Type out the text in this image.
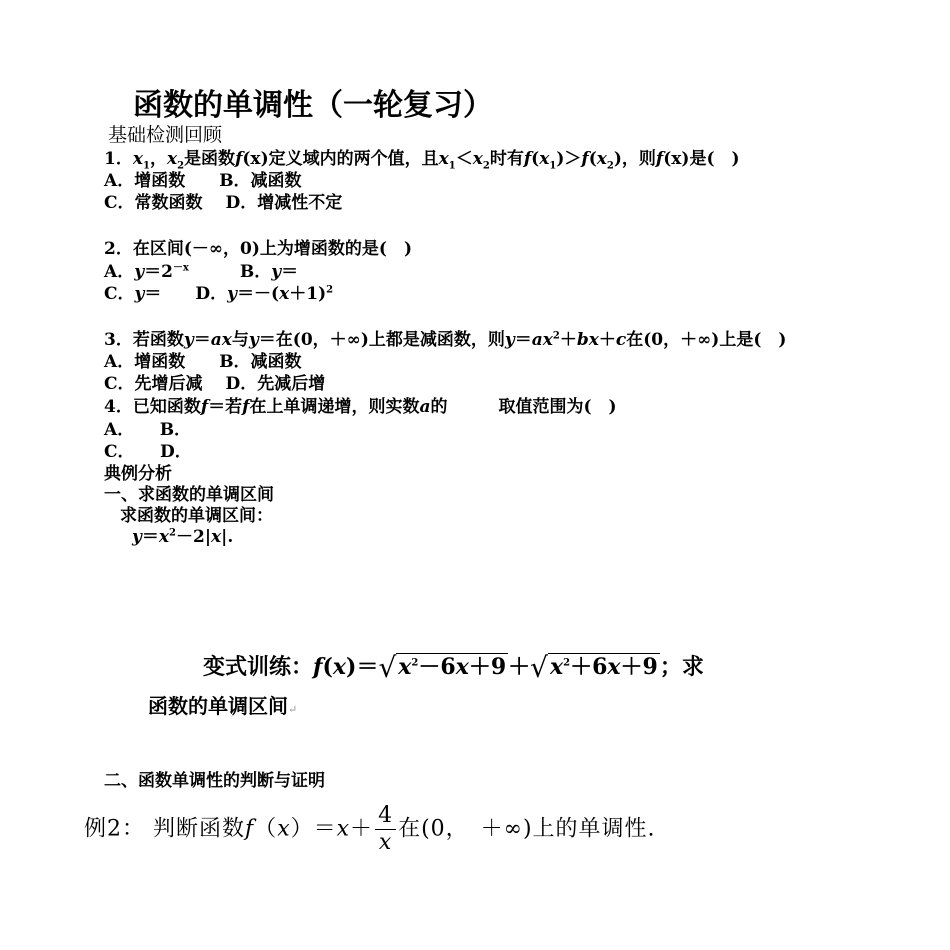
函数的单调性（一轮复习）
基础检测回顾
1．$x_1$，$x_2$是函数f(x)定义域内的两个值，且$x_1<x_2$时有$f(x_1)>f(x_2)$，则f(x)是(　)
A．增函数　　B．减函数
C．常数函数　 D．增减性不定
2．在区间(－∞，0)上为增函数的是(　)
A．$y=2^{-x}$　　　B．y＝
C．y＝　　D．$y=-(x+1)^2$
3．若函数y＝ax与y＝在(0，＋∞)上都是减函数，则$y=ax^2+bx+c$在(0，＋∞)上是(　)
A．增函数　　B．减函数
C．先增后减　 D．先减后增
4．已知函数f＝若f在上单调递增，则实数a的　　　取值范围为(　)
A．　　B．
C．　　D．
典例分析
一、求函数的单调区间
求函数的单调区间：
$y=x^2-2|x|$.
变式训练：$f(x)=√x^2-6x+9+√x^2+6x+9$；求
函数的单调区间↵
二、函数单调性的判断与证明
例2： 判断函数$f(x)=x+ \frac{4}{x}$ 在(0，　＋∞)上的单调性.
